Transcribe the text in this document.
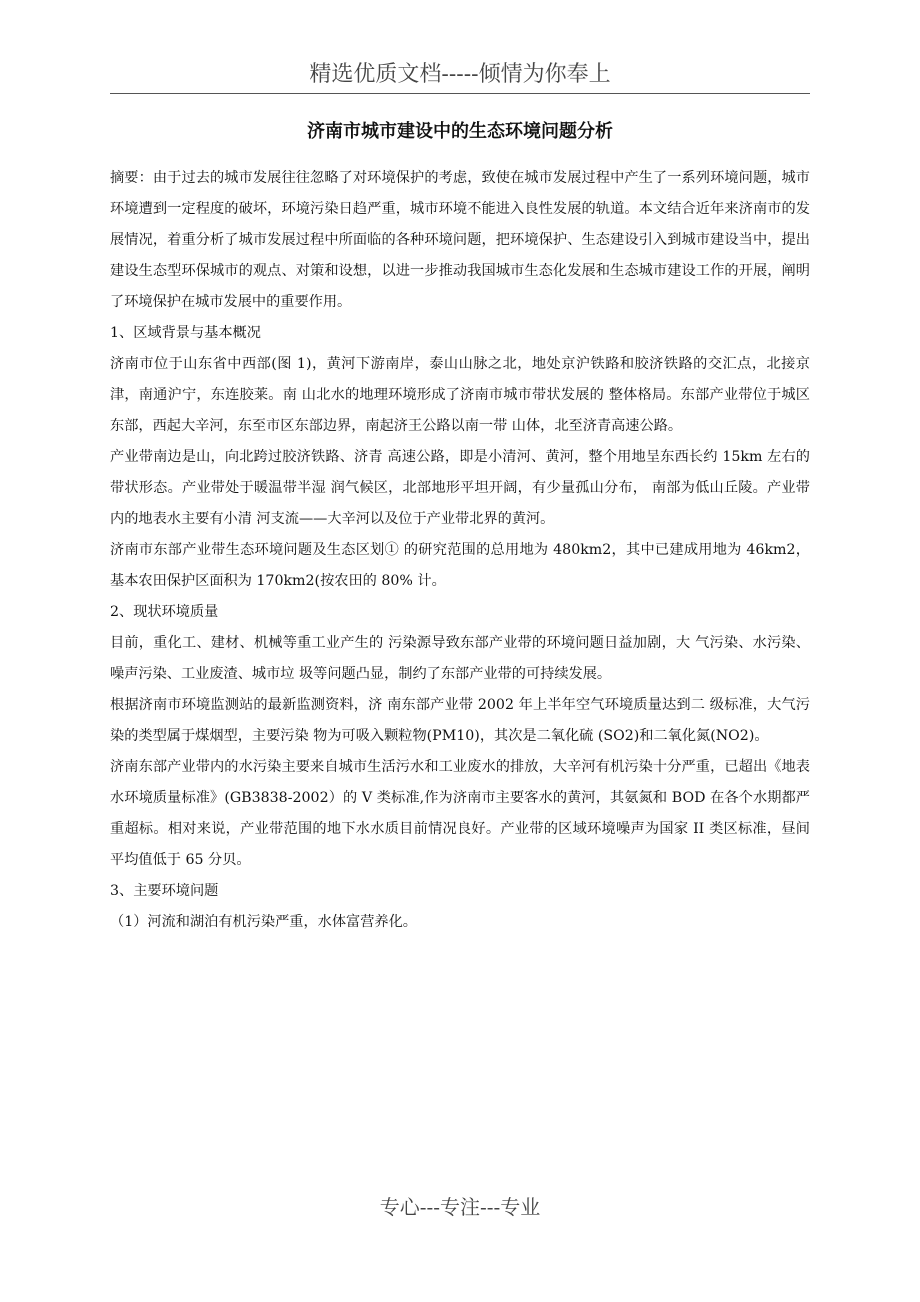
精选优质文档-----倾情为你奉上
济南市城市建设中的生态环境问题分析

摘要：由于过去的城市发展往往忽略了对环境保护的考虑，致使在城市发展过程中产生了一系列环境问题，城市环境遭到一定程度的破坏，环境污染日趋严重，城市环境不能进入良性发展的轨道。本文结合近年来济南市的发展情况，着重分析了城市发展过程中所面临的各种环境问题，把环境保护、生态建设引入到城市建设当中，提出建设生态型环保城市的观点、对策和设想，以进一步推动我国城市生态化发展和生态城市建设工作的开展，阐明了环境保护在城市发展中的重要作用。

1、区域背景与基本概况

济南市位于山东省中西部(图 1)，黄河下游南岸，泰山山脉之北，地处京沪铁路和胶济铁路的交汇点，北接京津，南通沪宁，东连胶莱。南 山北水的地理环境形成了济南市城市带状发展的 整体格局。东部产业带位于城区东部，西起大辛河，东至市区东部边界，南起济王公路以南一带 山体，北至济青高速公路。

产业带南边是山，向北跨过胶济铁路、济青 高速公路，即是小清河、黄河，整个用地呈东西长约 15km 左右的带状形态。产业带处于暖温带半湿 润气候区，北部地形平坦开阔，有少量孤山分布， 南部为低山丘陵。产业带内的地表水主要有小清 河支流——大辛河以及位于产业带北界的黄河。

济南市东部产业带生态环境问题及生态区划① 的研究范围的总用地为 480km2，其中已建成用地为 46km2，基本农田保护区面积为 170km2(按农田的 80% 计。

2、现状环境质量

目前，重化工、建材、机械等重工业产生的 污染源导致东部产业带的环境问题日益加剧，大 气污染、水污染、噪声污染、工业废渣、城市垃 圾等问题凸显，制约了东部产业带的可持续发展。

根据济南市环境监测站的最新监测资料，济 南东部产业带 2002 年上半年空气环境质量达到二 级标准，大气污染的类型属于煤烟型，主要污染 物为可吸入颗粒物(PM10)，其次是二氧化硫 (SO2)和二氧化氮(NO2)。

济南东部产业带内的水污染主要来自城市生活污水和工业废水的排放，大辛河有机污染十分严重，已超出《地表水环境质量标准》(GB3838-2002）的 V 类标准,作为济南市主要客水的黄河，其氨氮和 BOD 在各个水期都严重超标。相对来说，产业带范围的地下水水质目前情况良好。产业带的区域环境噪声为国家 II 类区标准，昼间平均值低于 65 分贝。

3、主要环境问题

（1）河流和湖泊有机污染严重，水体富营养化。

专心---专注---专业
